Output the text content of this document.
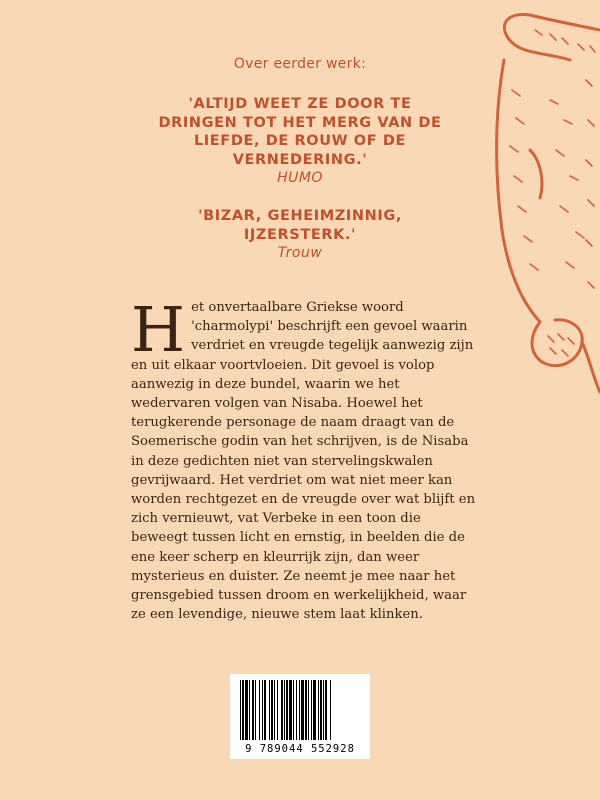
Over eerder werk:
'ALTIJD WEET ZE DOOR TE DRINGEN TOT HET MERG VAN DE LIEFDE, DE ROUW OF DE VERNEDERING.'
HUMO
'BIZAR, GEHEIMZINNIG, IJZERSTERK.'
Trouw
H et onvertaalbare Griekse woord 'charmolypi' beschrijft een gevoel waarin verdriet en vreugde tegelijk aanwezig zijn en uit elkaar voortvloeien. Dit gevoel is volop aanwezig in deze bundel, waarin we het wedervaren volgen van Nisaba. Hoewel het terugkerende personage de naam draagt van de Soemerische godin van het schrijven, is de Nisaba in deze gedichten niet van stervelingskwalen gevrijwaard. Het verdriet om wat niet meer kan worden rechtgezet en de vreugde over wat blijft en zich vernieuwt, vat Verbeke in een toon die beweegt tussen licht en ernstig, in beelden die de ene keer scherp en kleurrijk zijn, dan weer mysterieus en duister. Ze neemt je mee naar het grensgebied tussen droom en werkelijkheid, waar ze een levendige, nieuwe stem laat klinken.
9 789044 552928
